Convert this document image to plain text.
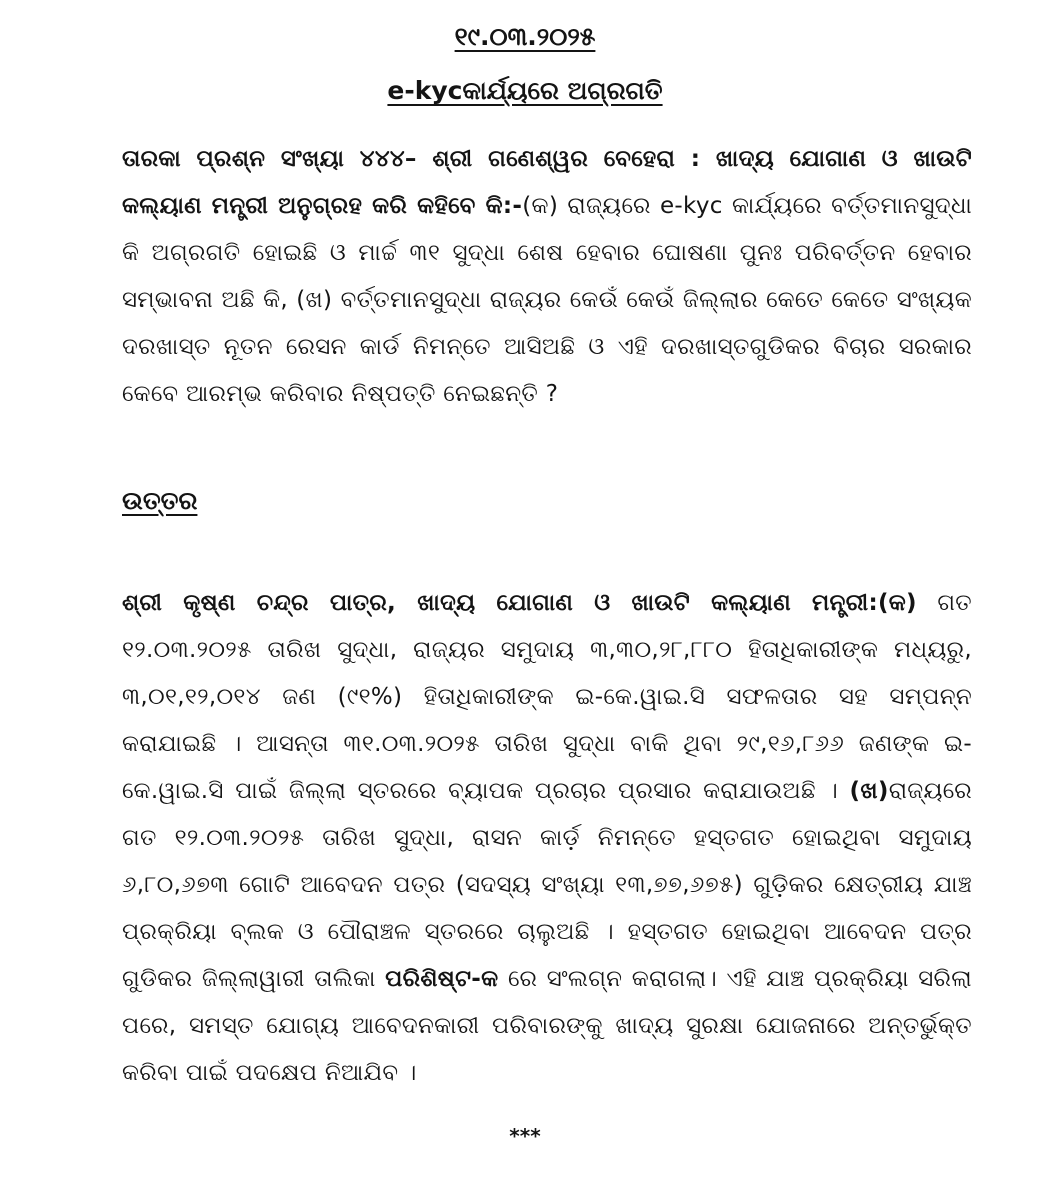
୧୯.୦୩.୨୦୨୫
e-kycକାର୍ଯ୍ୟରେ ଅଗ୍ରଗତି
ତାରକା ପ୍ରଶ୍ନ ସଂଖ୍ୟା ୪୪୪– ଶ୍ରୀ ଗଣେଶ୍ୱର ବେହେରା : ଖାଦ୍ୟ ଯୋଗାଣ ଓ ଖାଉଟି କଲ୍ୟାଣ ମନ୍ତ୍ରୀ ଅନୁଗ୍ରହ କରି କହିବେ କି:-(କ) ରାଜ୍ୟରେ e-kyc କାର୍ଯ୍ୟରେ ବର୍ତ୍ତମାନସୁଦ୍ଧା କି ଅଗ୍ରଗତି ହୋଇଛି ଓ ମାର୍ଚ୍ଚ ୩୧ ସୁଦ୍ଧା ଶେଷ ହେବାର ଘୋଷଣା ପୁନଃ ପରିବର୍ତ୍ତନ ହେବାର ସମ୍ଭାବନା ଅଛି କି, (ଖ) ବର୍ତ୍ତମାନସୁଦ୍ଧା ରାଜ୍ୟର କେଉଁ କେଉଁ ଜିଲ୍ଲାର କେତେ କେତେ ସଂଖ୍ୟକ ଦରଖାସ୍ତ ନୂତନ ରେସନ କାର୍ଡ ନିମନ୍ତେ ଆସିଅଛି ଓ ଏହି ଦରଖାସ୍ତଗୁଡିକର ବିଚାର ସରକାର କେବେ ଆରମ୍ଭ କରିବାର ନିଷ୍ପତ୍ତି ନେଇଛନ୍ତି ?
ଉତ୍ତର
ଶ୍ରୀ କୃଷ୍ଣ ଚନ୍ଦ୍ର ପାତ୍ର, ଖାଦ୍ୟ ଯୋଗାଣ ଓ ଖାଉଟି କଲ୍ୟାଣ ମନ୍ତ୍ରୀ:(କ) ଗତ ୧୨.୦୩.୨୦୨୫ ତାରିଖ ସୁଦ୍ଧା, ରାଜ୍ୟର ସମୁଦାୟ ୩,୩୦,୨୮,୮୮୦ ହିତାଧିକାରୀଙ୍କ ମଧ୍ୟରୁ, ୩,୦୧,୧୨,୦୧୪ ଜଣ (୯୧%) ହିତାଧିକାରୀଙ୍କ ଇ-କେ.ୱାଇ.ସି ସଫଳତାର ସହ ସମ୍ପନ୍ନ କରାଯାଇଛି । ଆସନ୍ତା ୩୧.୦୩.୨୦୨୫ ତାରିଖ ସୁଦ୍ଧା ବାକି ଥିବା ୨୯,୧୬,୮୬୬ ଜଣଙ୍କ ଇ-କେ.ୱାଇ.ସି ପାଇଁ ଜିଲ୍ଲା ସ୍ତରରେ ବ୍ୟାପକ ପ୍ରଚାର ପ୍ରସାର କରାଯାଉଅଛି । (ଖ)ରାଜ୍ୟରେ ଗତ ୧୨.୦୩.୨୦୨୫ ତାରିଖ ସୁଦ୍ଧା, ରାସନ କାର୍ଡ଼ ନିମନ୍ତେ ହସ୍ତଗତ ହୋଇଥିବା ସମୁଦାୟ ୬,୮୦,୬୭୩ ଗୋଟି ଆବେଦନ ପତ୍ର (ସଦସ୍ୟ ସଂଖ୍ୟା ୧୩,୭୭,୬୭୫) ଗୁଡ଼ିକର କ୍ଷେତ୍ରୀୟ ଯାଞ୍ଚ ପ୍ରକ୍ରିୟା ବ୍ଲକ ଓ ପୌରାଞ୍ଚଳ ସ୍ତରରେ ଚାଲୁଅଛି । ହସ୍ତଗତ ହୋଇଥିବା ଆବେଦନ ପତ୍ର ଗୁଡିକର ଜିଲ୍ଲାୱାରୀ ତାଲିକା ପରିଶିଷ୍ଟ-କ ରେ ସଂଲଗ୍ନ କରାଗଲା। ଏହି ଯାଞ୍ଚ ପ୍ରକ୍ରିୟା ସରିଲା ପରେ, ସମସ୍ତ ଯୋଗ୍ୟ ଆବେଦନକାରୀ ପରିବାରଙ୍କୁ ଖାଦ୍ୟ ସୁରକ୍ଷା ଯୋଜନାରେ ଅନ୍ତର୍ଭୁକ୍ତ କରିବା ପାଇଁ ପଦକ୍ଷେପ ନିଆଯିବ ।
***
